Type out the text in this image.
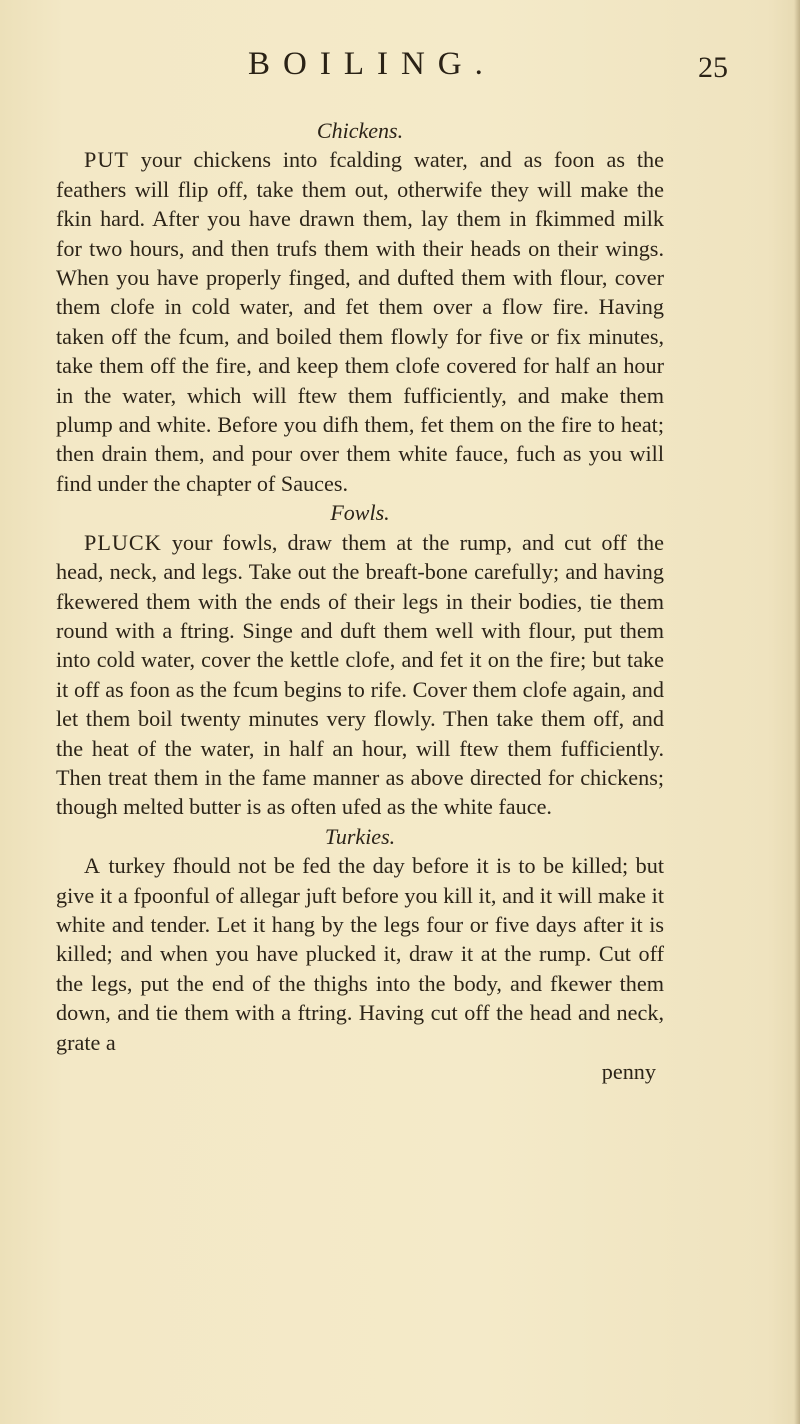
BOILING.	25

Chickens.

PUT your chickens into fcalding water, and as foon as the feathers will flip off, take them out, otherwife they will make the fkin hard. After you have drawn them, lay them in fkimmed milk for two hours, and then trufs them with their heads on their wings. When you have properly finged, and dufted them with flour, cover them clofe in cold water, and fet them over a flow fire. Having taken off the fcum, and boiled them flowly for five or fix minutes, take them off the fire, and keep them clofe covered for half an hour in the water, which will ftew them fufficiently, and make them plump and white. Before you difh them, fet them on the fire to heat; then drain them, and pour over them white fauce, fuch as you will find under the chapter of Sauces.

Fowls.

PLUCK your fowls, draw them at the rump, and cut off the head, neck, and legs. Take out the breaft-bone carefully; and having fkewered them with the ends of their legs in their bodies, tie them round with a ftring. Singe and duft them well with flour, put them into cold water, cover the kettle clofe, and fet it on the fire; but take it off as foon as the fcum begins to rife. Cover them clofe again, and let them boil twenty minutes very flowly. Then take them off, and the heat of the water, in half an hour, will ftew them fufficiently. Then treat them in the fame manner as above directed for chickens; though melted butter is as often ufed as the white fauce.

Turkies.

A turkey fhould not be fed the day before it is to be killed; but give it a fpoonful of allegar juft before you kill it, and it will make it white and tender. Let it hang by the legs four or five days after it is killed; and when you have plucked it, draw it at the rump. Cut off the legs, put the end of the thighs into the body, and fkewer them down, and tie them with a ftring. Having cut off the head and neck, grate a

penny
